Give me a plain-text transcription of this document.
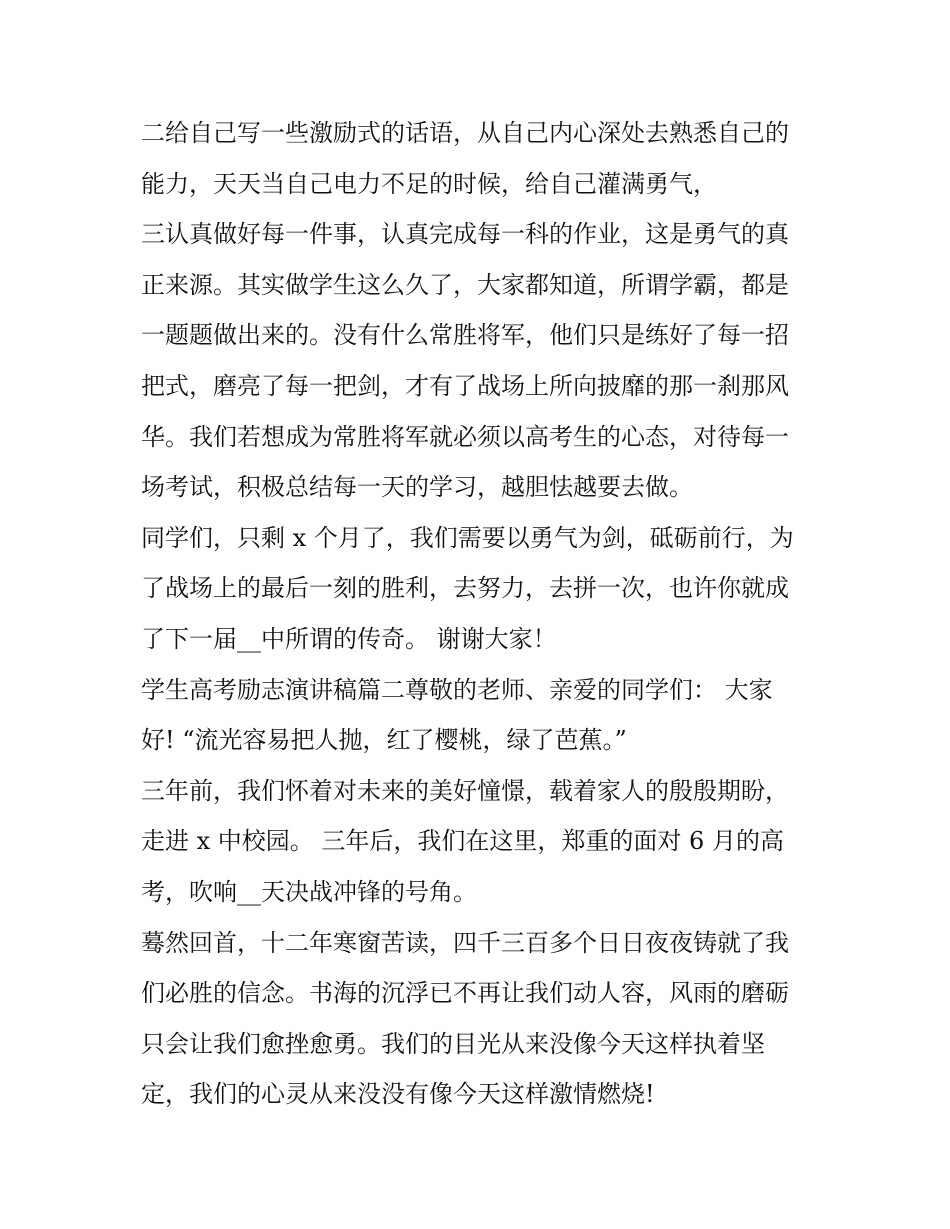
二给自己写一些激励式的话语，从自己内心深处去熟悉自己的
能力，天天当自己电力不足的时候，给自己灌满勇气，
三认真做好每一件事，认真完成每一科的作业，这是勇气的真
正来源。其实做学生这么久了，大家都知道，所谓学霸，都是
一题题做出来的。没有什么常胜将军，他们只是练好了每一招
把式，磨亮了每一把剑，才有了战场上所向披靡的那一刹那风
华。我们若想成为常胜将军就必须以高考生的心态，对待每一
场考试，积极总结每一天的学习，越胆怯越要去做。
同学们，只剩 x 个月了，我们需要以勇气为剑，砥砺前行，为
了战场上的最后一刻的胜利，去努力，去拼一次，也许你就成
了下一届__中所谓的传奇。 谢谢大家！
学生高考励志演讲稿篇二尊敬的老师、亲爱的同学们： 大家
好! “流光容易把人抛，红了樱桃，绿了芭蕉。”
三年前，我们怀着对未来的美好憧憬，载着家人的殷殷期盼，
走进 x 中校园。 三年后，我们在这里，郑重的面对 6 月的高
考，吹响__天决战冲锋的号角。
蓦然回首，十二年寒窗苦读，四千三百多个日日夜夜铸就了我
们必胜的信念。书海的沉浮已不再让我们动人容，风雨的磨砺
只会让我们愈挫愈勇。我们的目光从来没像今天这样执着坚
定，我们的心灵从来没没有像今天这样激情燃烧!
